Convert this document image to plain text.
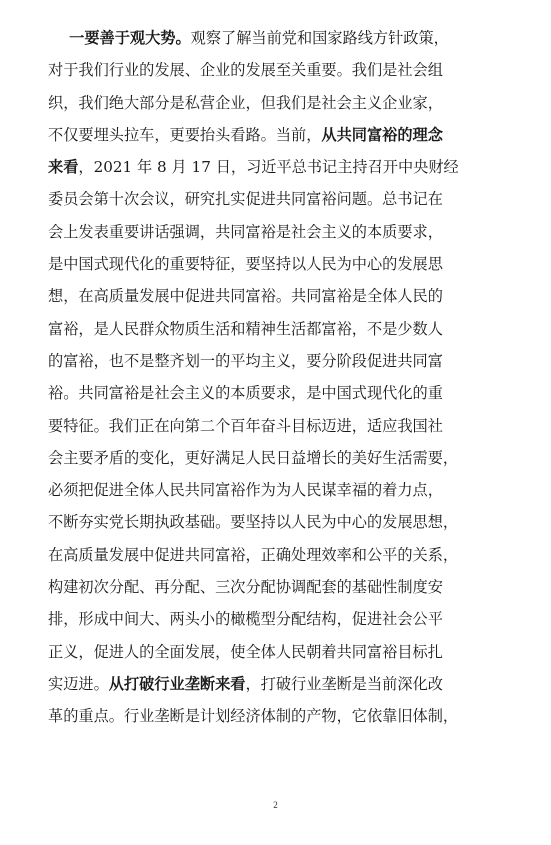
一要善于观大势。观察了解当前党和国家路线方针政策，
对于我们行业的发展、企业的发展至关重要。我们是社会组
织，我们绝大部分是私营企业，但我们是社会主义企业家，
不仅要埋头拉车，更要抬头看路。当前，从共同富裕的理念
来看，2021 年 8 月 17 日，习近平总书记主持召开中央财经
委员会第十次会议，研究扎实促进共同富裕问题。总书记在
会上发表重要讲话强调，共同富裕是社会主义的本质要求，
是中国式现代化的重要特征，要坚持以人民为中心的发展思
想，在高质量发展中促进共同富裕。共同富裕是全体人民的
富裕，是人民群众物质生活和精神生活都富裕，不是少数人
的富裕，也不是整齐划一的平均主义，要分阶段促进共同富
裕。共同富裕是社会主义的本质要求，是中国式现代化的重
要特征。我们正在向第二个百年奋斗目标迈进，适应我国社
会主要矛盾的变化，更好满足人民日益增长的美好生活需要，
必须把促进全体人民共同富裕作为为人民谋幸福的着力点，
不断夯实党长期执政基础。要坚持以人民为中心的发展思想，
在高质量发展中促进共同富裕，正确处理效率和公平的关系，
构建初次分配、再分配、三次分配协调配套的基础性制度安
排，形成中间大、两头小的橄榄型分配结构，促进社会公平
正义，促进人的全面发展，使全体人民朝着共同富裕目标扎
实迈进。从打破行业垄断来看，打破行业垄断是当前深化改
革的重点。行业垄断是计划经济体制的产物，它依靠旧体制，
2
